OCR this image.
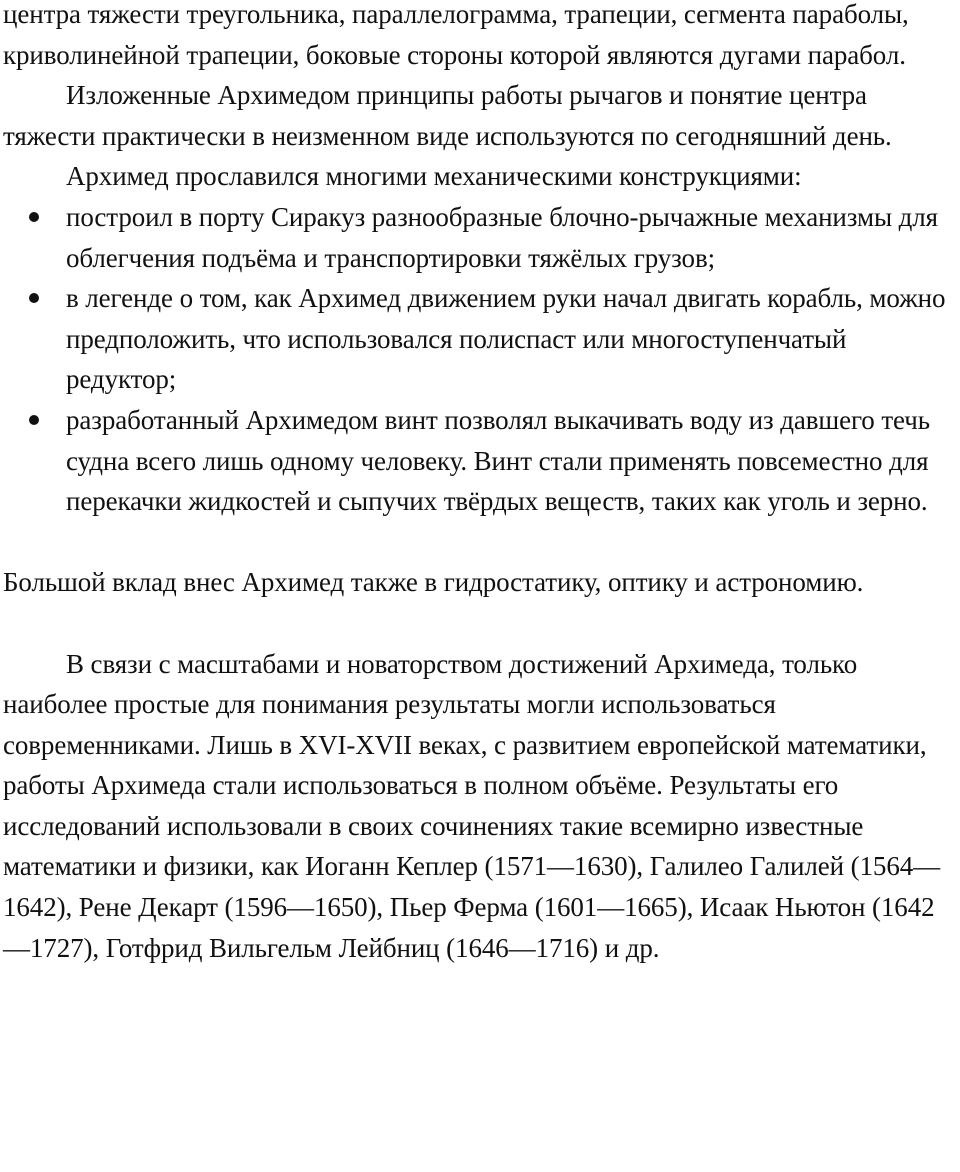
центра тяжести треугольника, параллелограмма, трапеции, сегмента параболы, криволинейной трапеции, боковые стороны которой являются дугами парабол.

Изложенные Архимедом принципы работы рычагов и понятие центра тяжести практически в неизменном виде используются по сегодняшний день.

Архимед прославился многими механическими конструкциями:

построил в порту Сиракуз разнообразные блочно-рычажные механизмы для облегчения подъёма и транспортировки тяжёлых грузов;
в легенде о том, как Архимед движением руки начал двигать корабль, можно предположить, что использовался полиспаст или многоступенчатый редуктор;
разработанный Архимедом винт позволял выкачивать воду из давшего течь судна всего лишь одному человеку. Винт стали применять повсеместно для перекачки жидкостей и сыпучих твёрдых веществ, таких как уголь и зерно.

Большой вклад внес Архимед также в гидростатику, оптику и астрономию.

В связи с масштабами и новаторством достижений Архимеда, только наиболее простые для понимания результаты могли использоваться современниками. Лишь в XVI-XVII веках, с развитием европейской математики, работы Архимеда стали использоваться в полном объёме. Результаты его исследований использовали в своих сочинениях такие всемирно известные математики и физики, как Иоганн Кеплер (1571—1630), Галилео Галилей (1564—1642), Рене Декарт (1596—1650), Пьер Ферма (1601—1665), Исаак Ньютон (1642—1727), Готфрид Вильгельм Лейбниц (1646—1716) и др.
